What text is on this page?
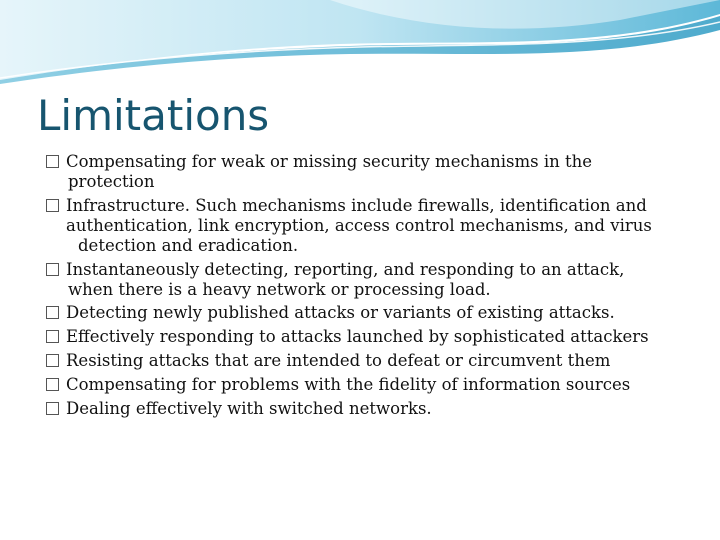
Limitations
Compensating for weak or missing security mechanisms in the
protection
Infrastructure. Such mechanisms include firewalls, identification and
authentication, link encryption, access control mechanisms, and virus
detection and eradication.
Instantaneously detecting, reporting, and responding to an attack,
when there is a heavy network or processing load.
Detecting newly published attacks or variants of existing attacks.
Effectively responding to attacks launched by sophisticated attackers
Resisting attacks that are intended to defeat or circumvent them
Compensating for problems with the fidelity of information sources
Dealing effectively with switched networks.
